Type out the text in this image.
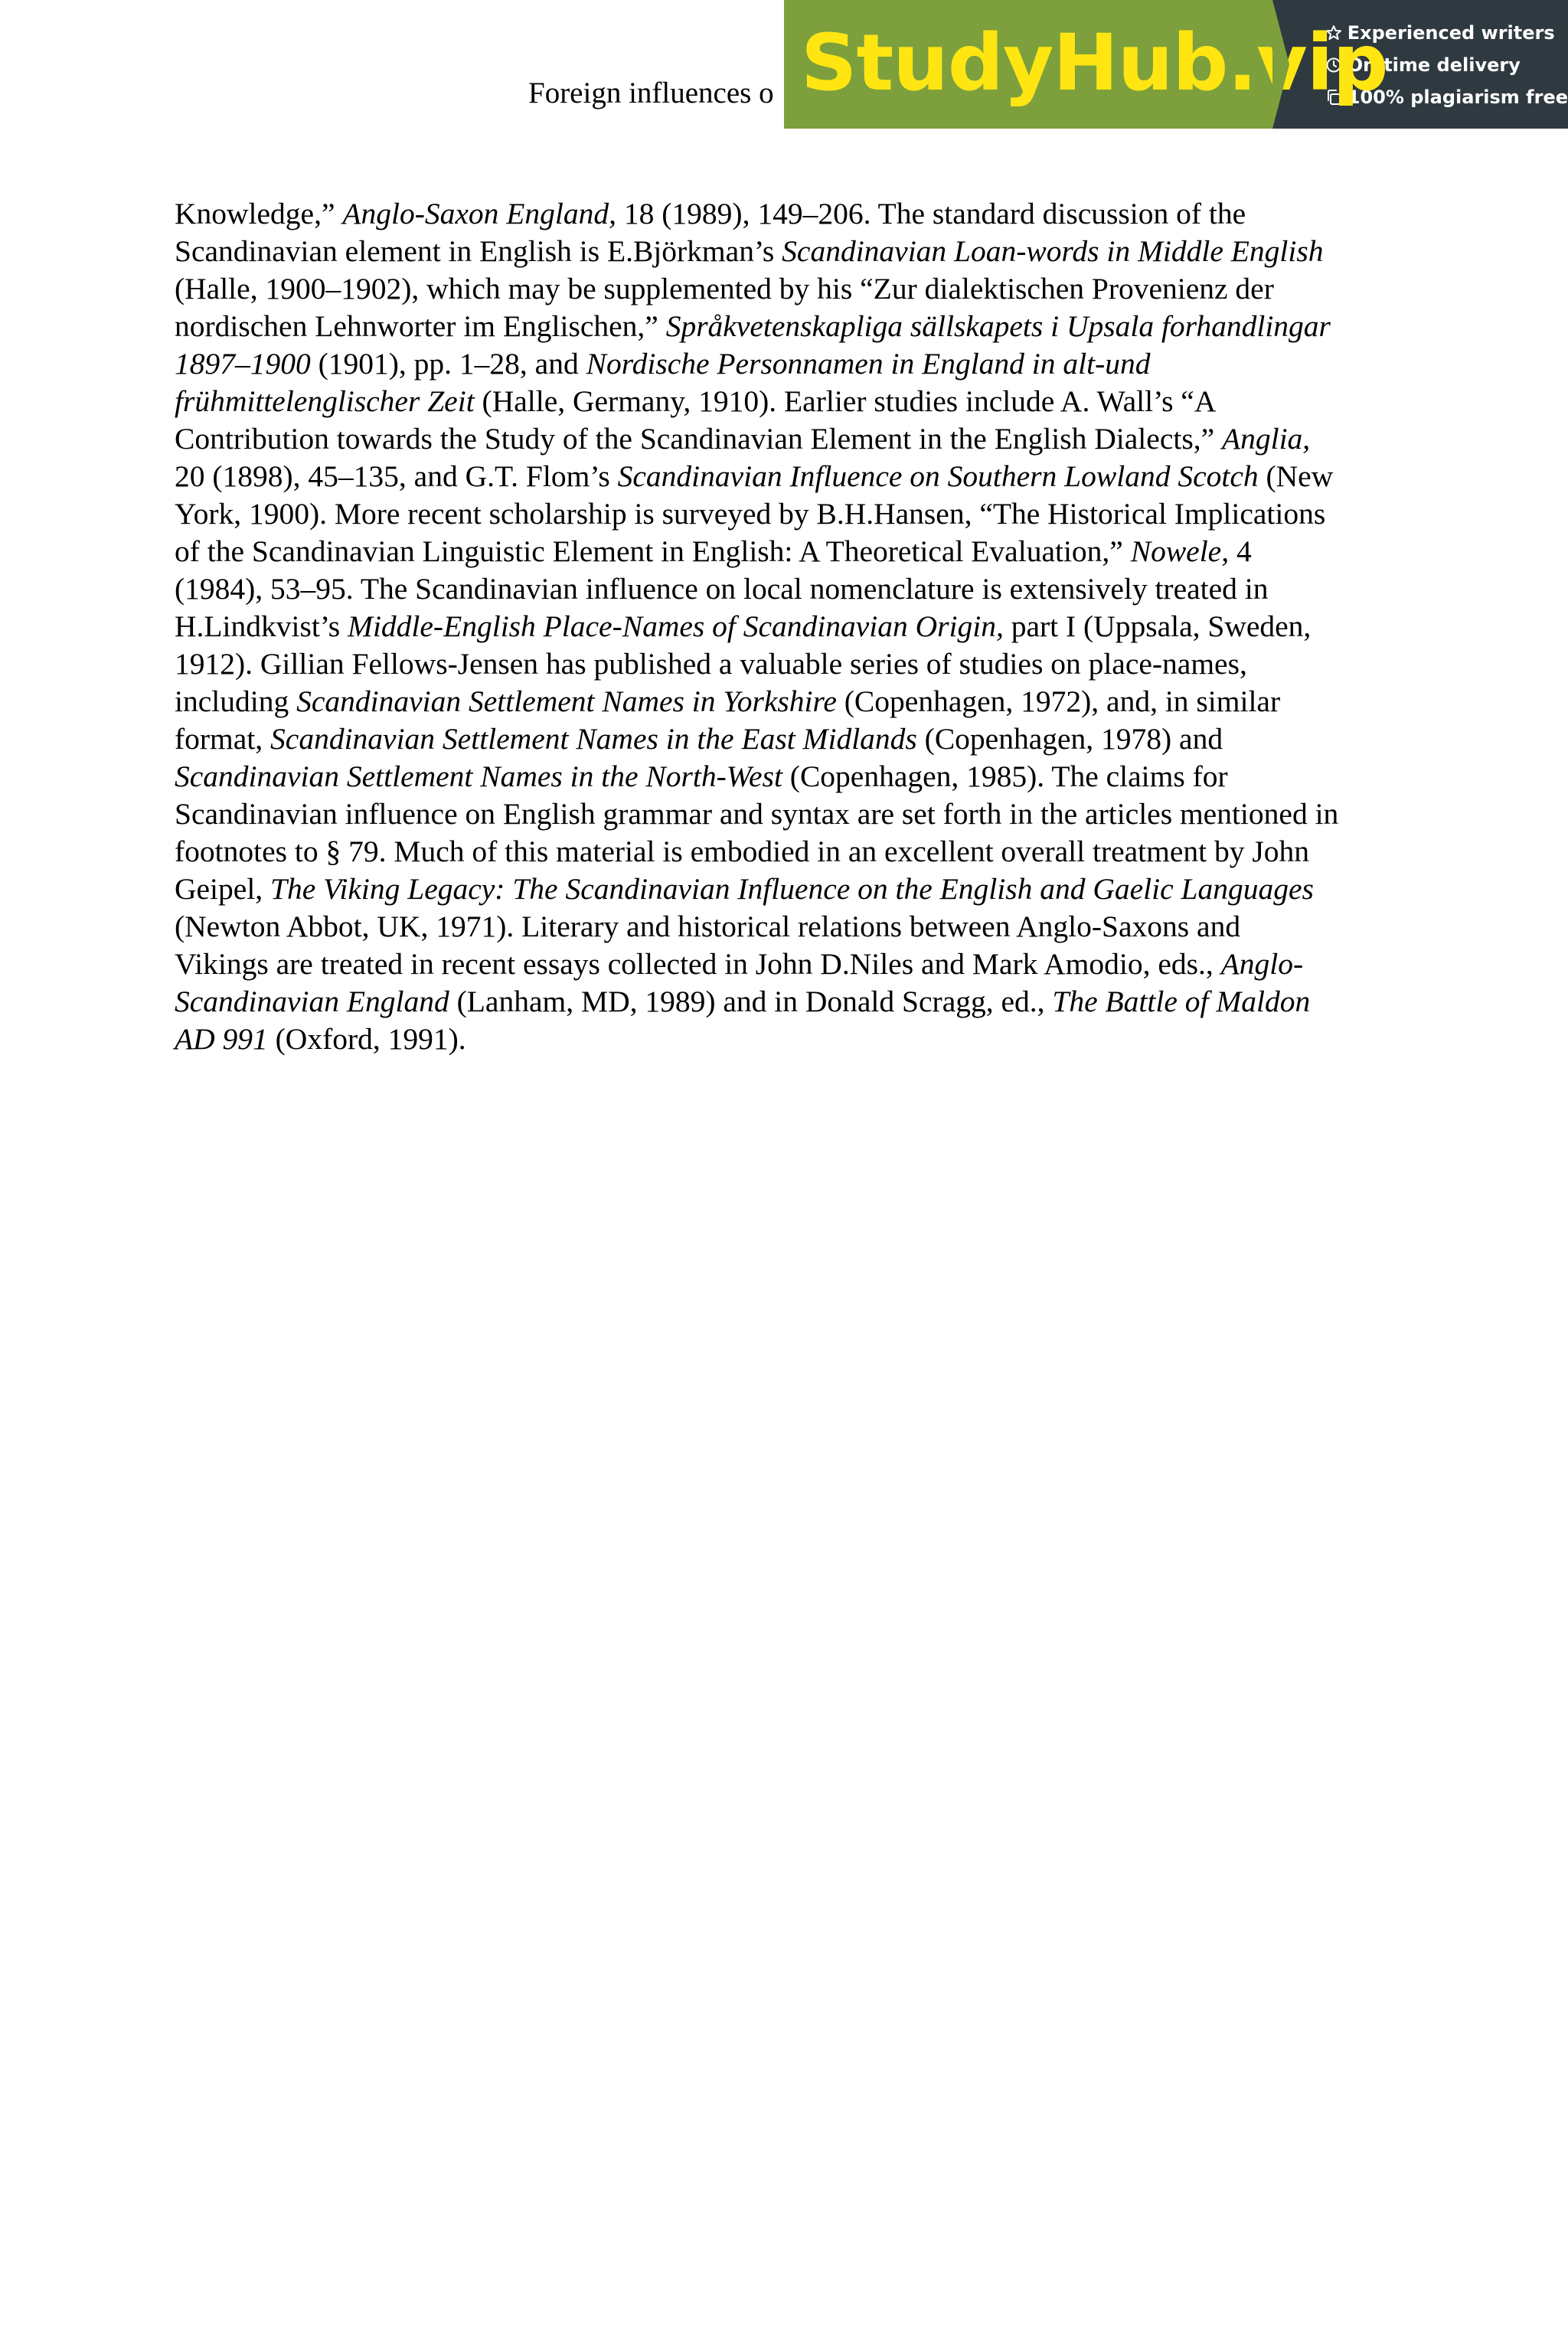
Foreign influences o StudyHub.vip
Experienced writers
On-time delivery
100% plagiarism free
Knowledge,” Anglo-Saxon England, 18 (1989), 149–206. The standard discussion of the
Scandinavian element in English is E.Björkman’s Scandinavian Loan-words in Middle English
(Halle, 1900–1902), which may be supplemented by his “Zur dialektischen Provenienz der
nordischen Lehnworter im Englischen,” Språkvetenskapliga sällskapets i Upsala forhandlingar
1897–1900 (1901), pp. 1–28, and Nordische Personnamen in England in alt-und
frühmittelenglischer Zeit (Halle, Germany, 1910). Earlier studies include A. Wall’s “A
Contribution towards the Study of the Scandinavian Element in the English Dialects,” Anglia,
20 (1898), 45–135, and G.T. Flom’s Scandinavian Influence on Southern Lowland Scotch (New
York, 1900). More recent scholarship is surveyed by B.H.Hansen, “The Historical Implications
of the Scandinavian Linguistic Element in English: A Theoretical Evaluation,” Nowele, 4
(1984), 53–95. The Scandinavian influence on local nomenclature is extensively treated in
H.Lindkvist’s Middle-English Place-Names of Scandinavian Origin, part I (Uppsala, Sweden,
1912). Gillian Fellows-Jensen has published a valuable series of studies on place-names,
including Scandinavian Settlement Names in Yorkshire (Copenhagen, 1972), and, in similar
format, Scandinavian Settlement Names in the East Midlands (Copenhagen, 1978) and
Scandinavian Settlement Names in the North-West (Copenhagen, 1985). The claims for
Scandinavian influence on English grammar and syntax are set forth in the articles mentioned in
footnotes to § 79. Much of this material is embodied in an excellent overall treatment by John
Geipel, The Viking Legacy: The Scandinavian Influence on the English and Gaelic Languages
(Newton Abbot, UK, 1971). Literary and historical relations between Anglo-Saxons and
Vikings are treated in recent essays collected in John D.Niles and Mark Amodio, eds., Anglo-
Scandinavian England (Lanham, MD, 1989) and in Donald Scragg, ed., The Battle of Maldon
AD 991 (Oxford, 1991).
